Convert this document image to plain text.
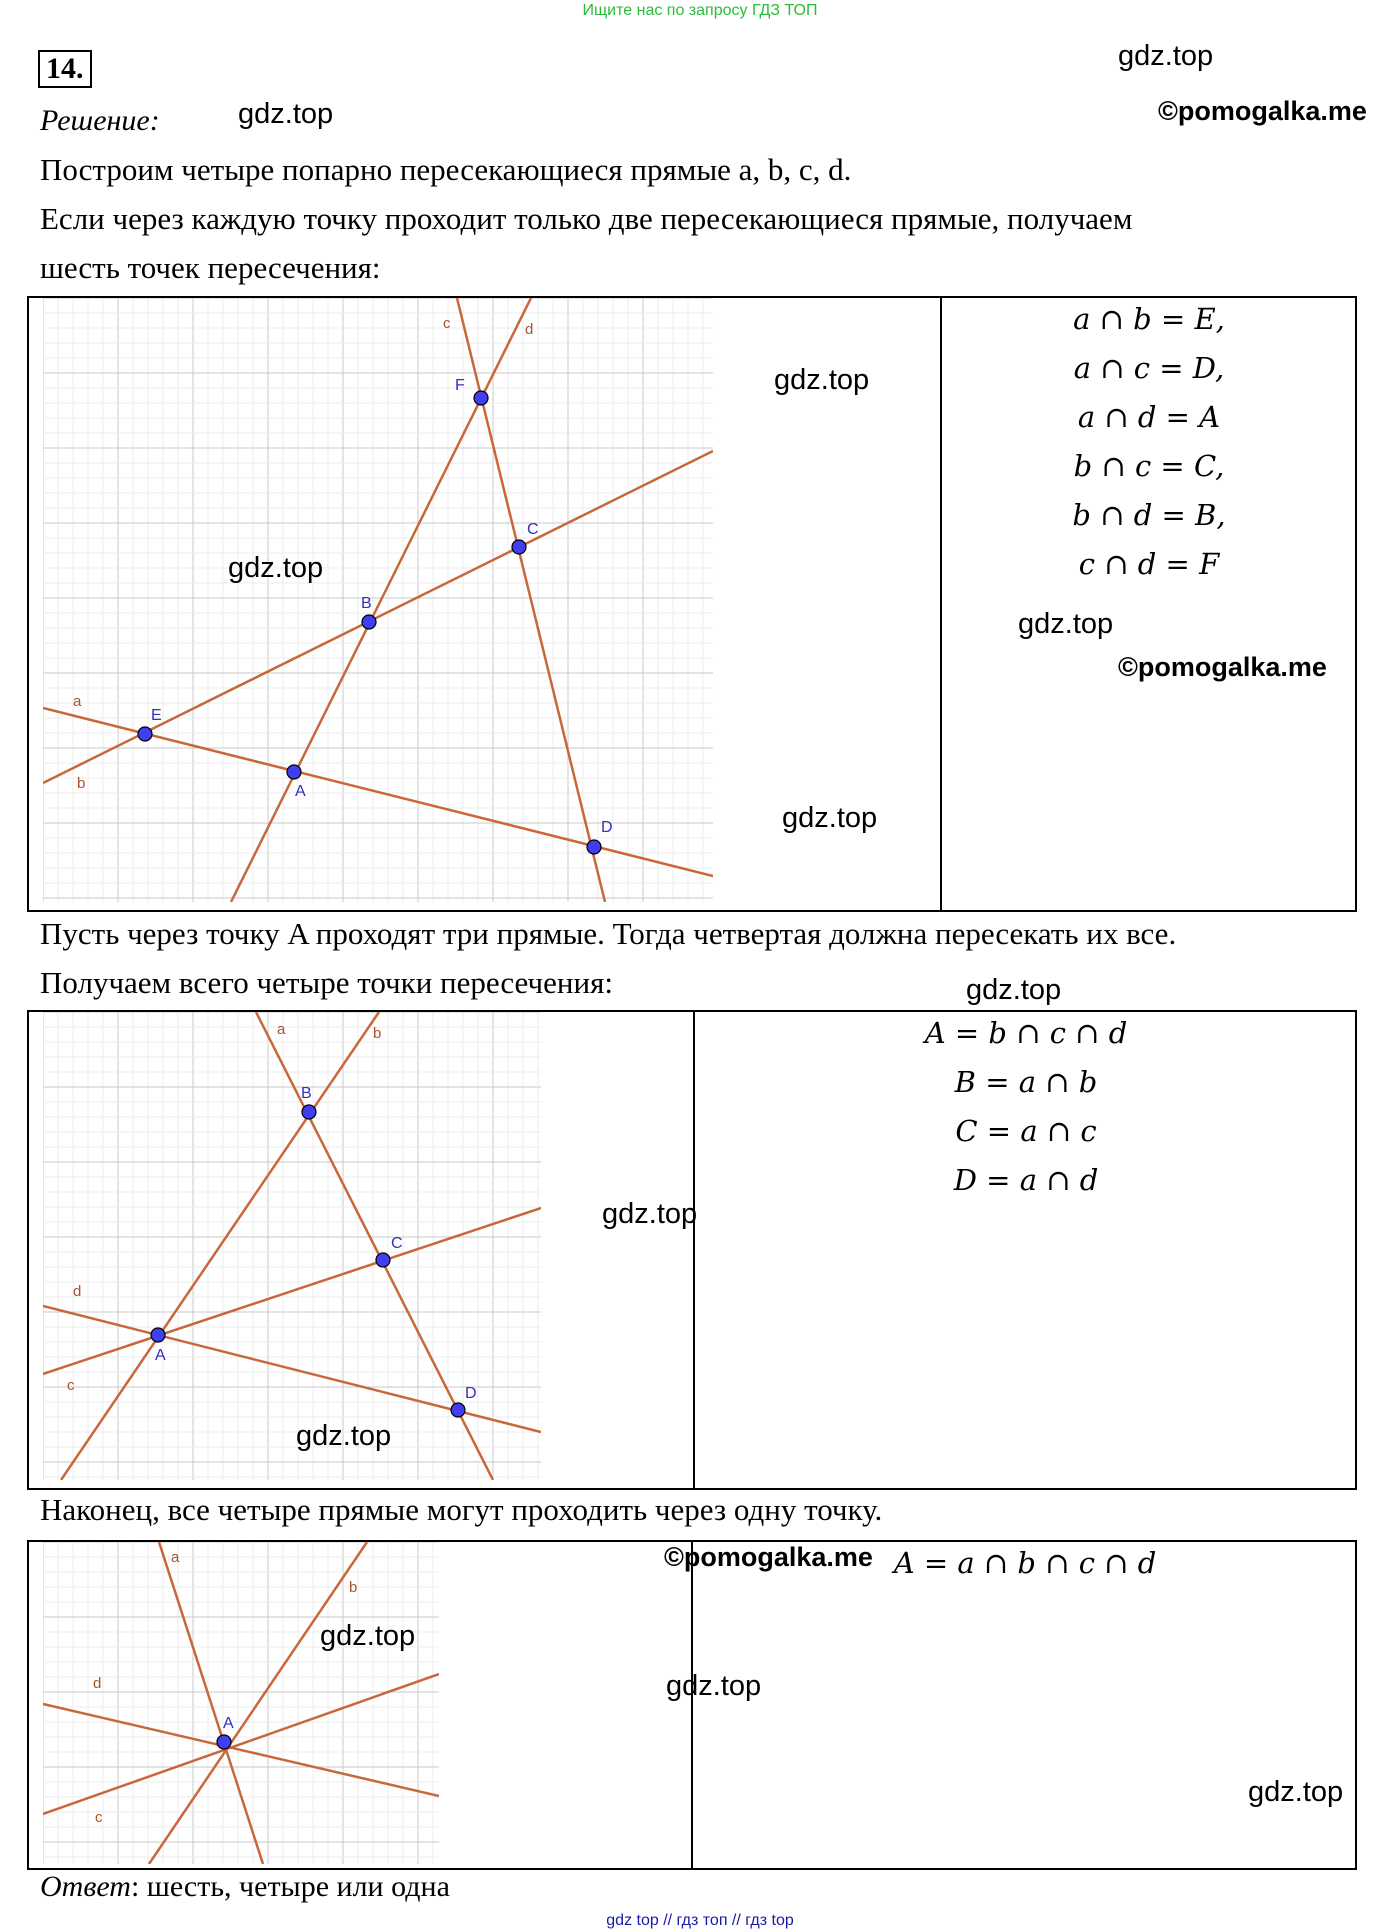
Ищите нас по запросу ГДЗ ТОП
14.	gdz.top
Решение:	gdz.top	©pomogalka.me
Построим четыре попарно пересекающиеся прямые a, b, c, d.
Если через каждую точку проходит только две пересекающиеся прямые, получаем
шесть точек пересечения:
a
b
c	d
E
A
D
B
C
F	gdz.top
gdz.top
gdz.top
a ∩ b = E,
a ∩ c = D,
a ∩ d = A
b ∩ c = C,
b ∩ d = B,
c ∩ d = F
gdz.top
©pomogalka.me
Пусть через точку A проходят три прямые. Тогда четвертая должна пересекать их все.
Получаем всего четыре точки пересечения:	gdz.top
a	b
c
d
B
C
A
D
gdz.top
gdz.top
A = b ∩ c ∩ d
B = a ∩ b
C = a ∩ c
D = a ∩ d
Наконец, все четыре прямые могут проходить через одну точку.
a
b
c
d
A
©pomogalka.me A = a ∩ b ∩ c ∩ d
gdz.top
gdz.top
gdz.top
Ответ: шесть, четыре или одна
gdz top // гдз топ // гдз top
